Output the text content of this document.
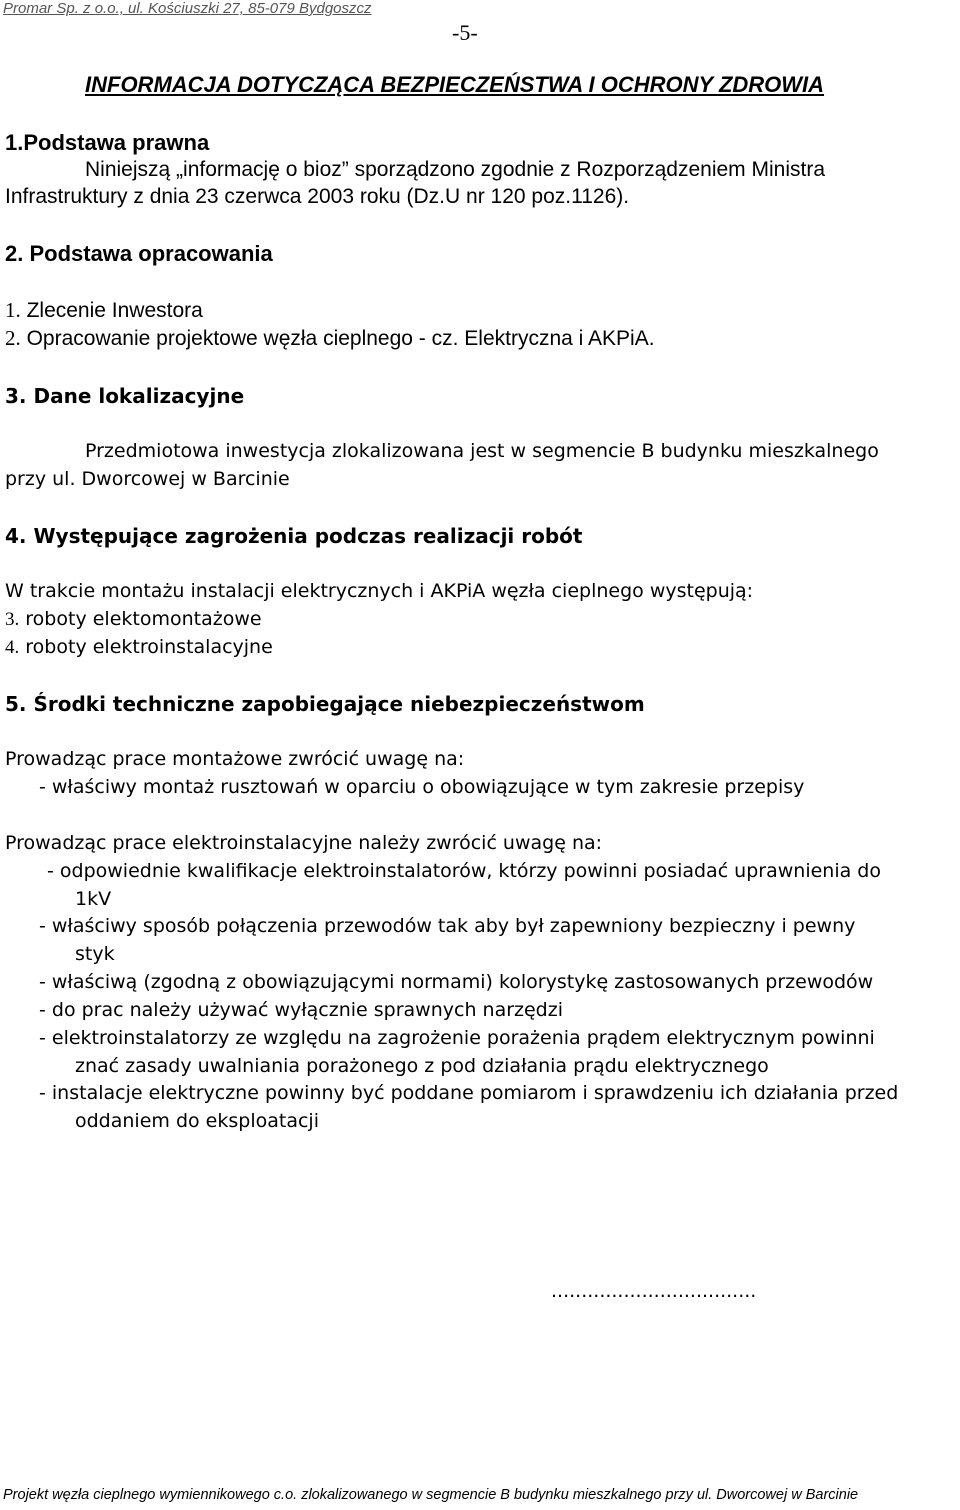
Promar Sp. z o.o., ul. Kościuszki 27, 85-079 Bydgoszcz
-5-
INFORMACJA DOTYCZĄCA BEZPIECZEŃSTWA I OCHRONY ZDROWIA
1.Podstawa prawna
Niniejszą „informację o bioz” sporządzono zgodnie z Rozporządzeniem Ministra
Infrastruktury z dnia 23 czerwca 2003 roku (Dz.U nr 120 poz.1126).
2. Podstawa opracowania
1. Zlecenie Inwestora
2. Opracowanie projektowe węzła cieplnego - cz. Elektryczna i AKPiA.
3. Dane lokalizacyjne
Przedmiotowa inwestycja zlokalizowana jest w segmencie B budynku mieszkalnego
przy ul. Dworcowej w Barcinie
4. Występujące zagrożenia podczas realizacji robót
W trakcie montażu instalacji elektrycznych i AKPiA węzła cieplnego występują:
3. roboty elektomontażowe
4. roboty elektroinstalacyjne
5. Środki techniczne zapobiegające niebezpieczeństwom
Prowadząc prace montażowe zwrócić uwagę na:
- właściwy montaż rusztowań w oparciu o obowiązujące w tym zakresie przepisy
Prowadząc prace elektroinstalacyjne należy zwrócić uwagę na:
- odpowiednie kwalifikacje elektroinstalatorów, którzy powinni posiadać uprawnienia do
1kV
- właściwy sposób połączenia przewodów tak aby był zapewniony bezpieczny i pewny
styk
- właściwą (zgodną z obowiązującymi normami) kolorystykę zastosowanych przewodów
- do prac należy używać wyłącznie sprawnych narzędzi
- elektroinstalatorzy ze względu na zagrożenie porażenia prądem elektrycznym powinni
znać zasady uwalniania porażonego z pod działania prądu elektrycznego
- instalacje elektryczne powinny być poddane pomiarom i sprawdzeniu ich działania przed
oddaniem do eksploatacji
..................................
Projekt węzła cieplnego wymiennikowego c.o. zlokalizowanego w segmencie B budynku mieszkalnego przy ul. Dworcowej w Barcinie
